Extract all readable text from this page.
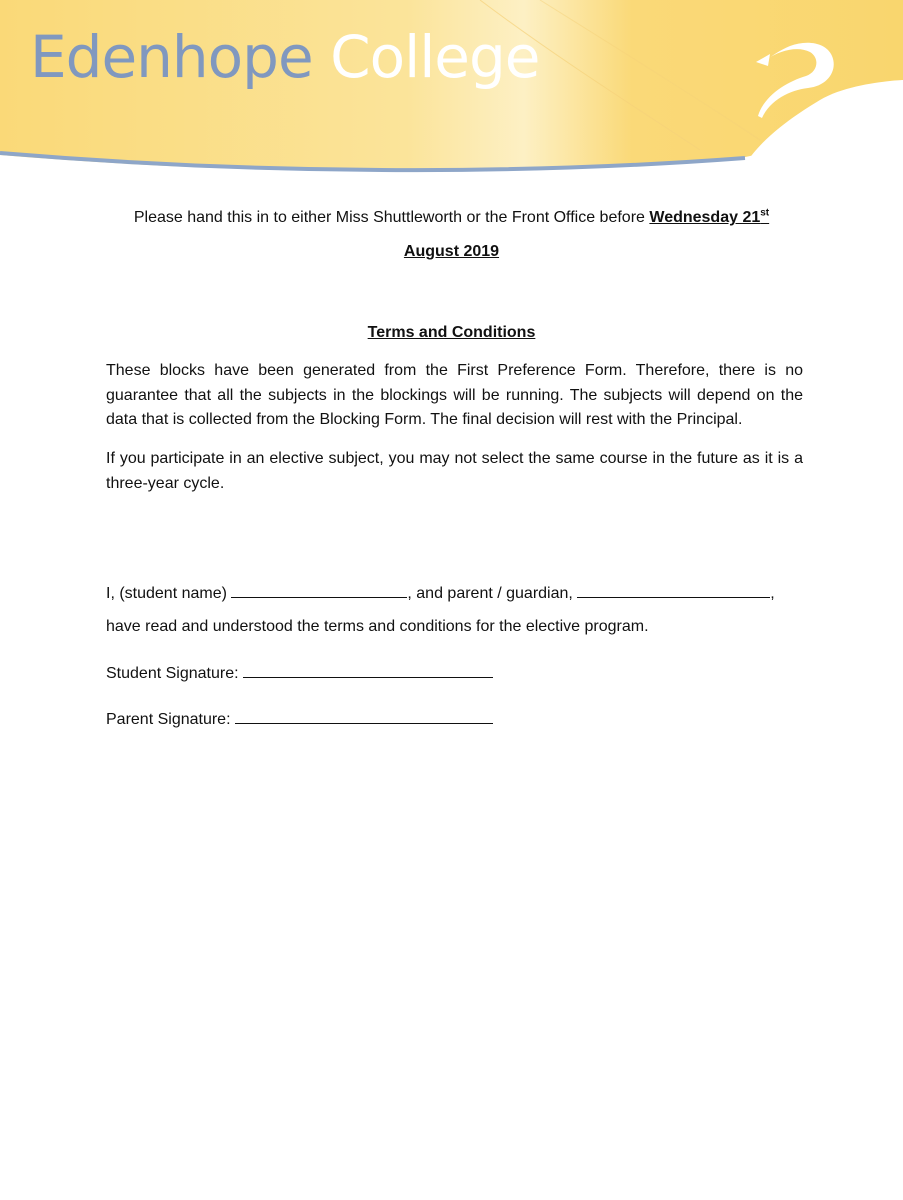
Edenhope College
Please hand this in to either Miss Shuttleworth or the Front Office before Wednesday 21st
August 2019
Terms and Conditions

These blocks have been generated from the First Preference Form. Therefore, there is no guarantee that all the subjects in the blockings will be running. The subjects will depend on the data that is collected from the Blocking Form. The final decision will rest with the Principal.

If you participate in an elective subject, you may not select the same course in the future as it is a three-year cycle.

I, (student name)	, and parent / guardian,	,
have read and understood the terms and conditions for the elective program.
Student Signature:
Parent Signature:
